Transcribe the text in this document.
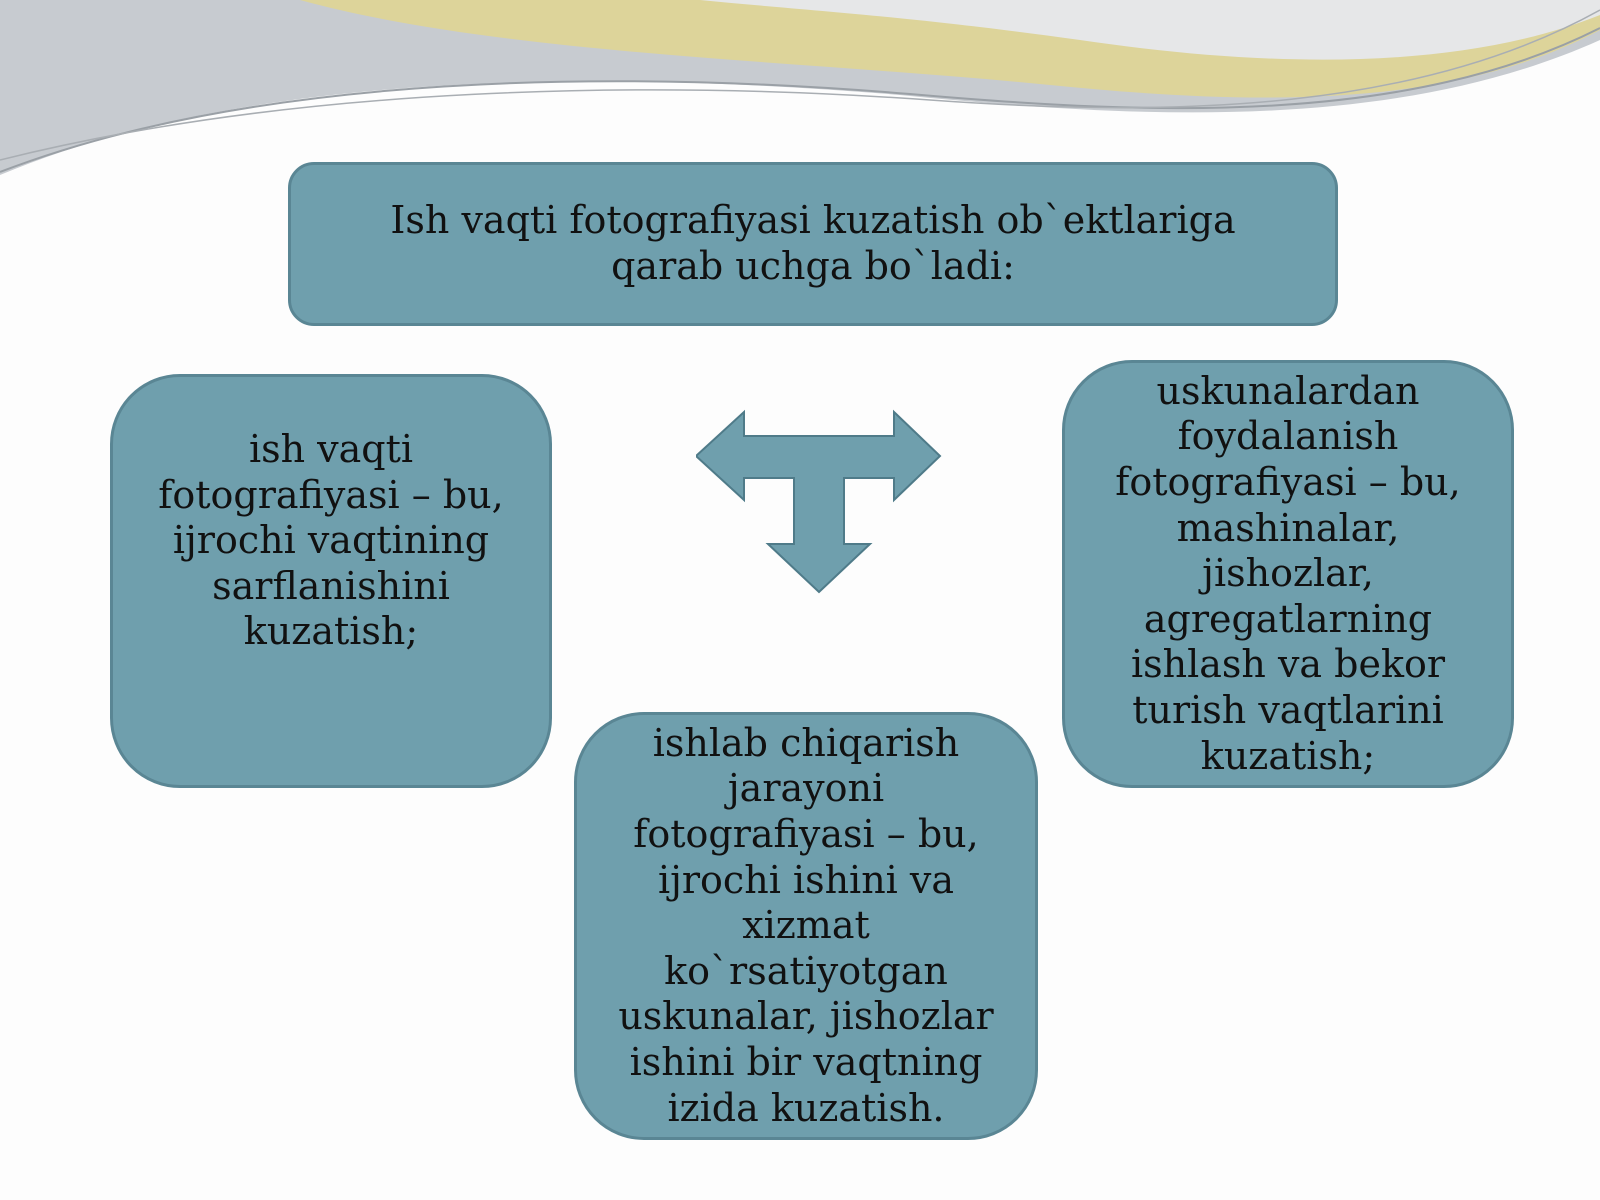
Ish vaqti fotografiyasi kuzatish ob`ektlariga qarab uchga bo`ladi:
ish vaqti fotografiyasi – bu, ijrochi vaqtining sarflanishini kuzatish;
uskunalardan foydalanish fotografiyasi – bu, mashinalar, jishozlar, agregatlarning ishlash va bekor turish vaqtlarini kuzatish;
ishlab chiqarish jarayoni fotografiyasi – bu, ijrochi ishini va xizmat ko`rsatiyotgan uskunalar, jishozlar ishini bir vaqtning izida kuzatish.
